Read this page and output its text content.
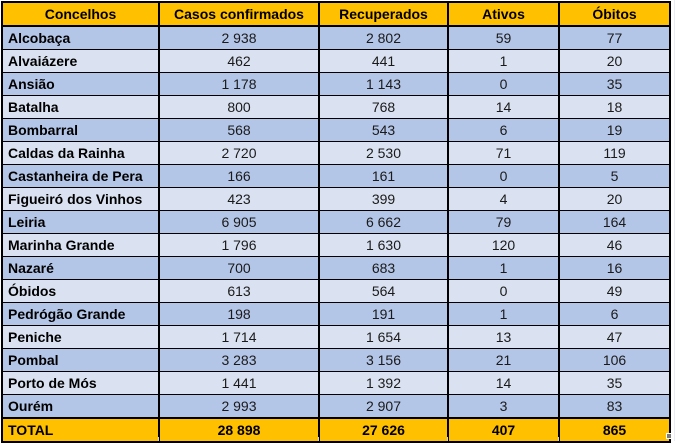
Concelhos	Casos confirmados	Recuperados	Ativos	Óbitos
Alcobaça	2 938	2 802	59	77
Alvaiázere	462	441	1	20
Ansião	1 178	1 143	0	35
Batalha	800	768	14	18
Bombarral	568	543	6	19
Caldas da Rainha	2 720	2 530	71	119
Castanheira de Pera	166	161	0	5
Figueiró dos Vinhos	423	399	4	20
Leiria	6 905	6 662	79	164
Marinha Grande	1 796	1 630	120	46
Nazaré	700	683	1	16
Óbidos	613	564	0	49
Pedrógão Grande	198	191	1	6
Peniche	1 714	1 654	13	47
Pombal	3 283	3 156	21	106
Porto de Mós	1 441	1 392	14	35
Ourém	2 993	2 907	3	83
TOTAL	28 898	27 626	407	865
